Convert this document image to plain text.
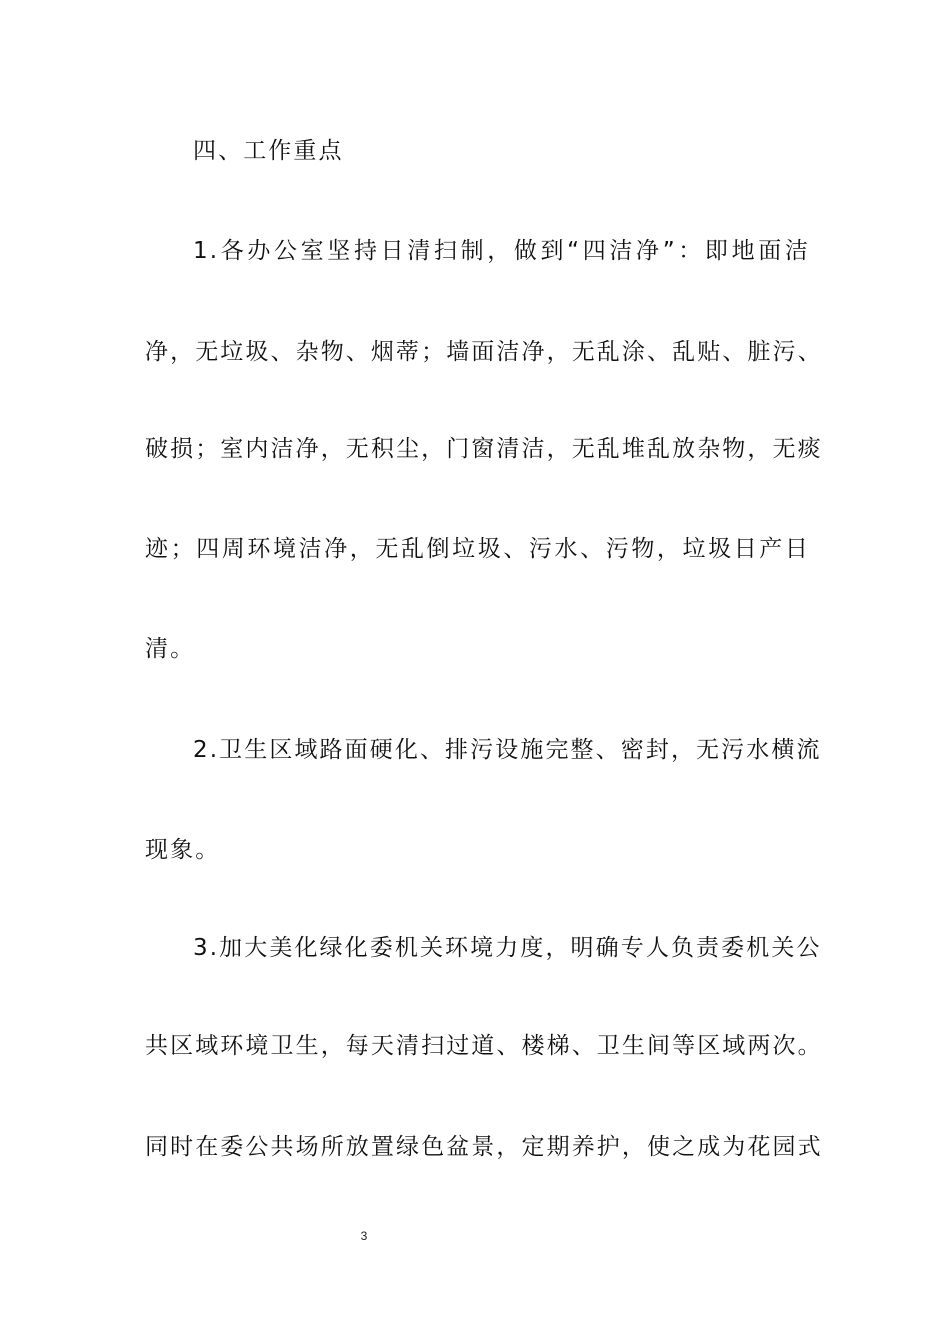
四、工作重点
1.各办公室坚持日清扫制，做到“四洁净”：即地面洁
净，无垃圾、杂物、烟蒂；墙面洁净，无乱涂、乱贴、脏污、
破损；室内洁净，无积尘，门窗清洁，无乱堆乱放杂物，无痰
迹；四周环境洁净，无乱倒垃圾、污水、污物，垃圾日产日
清。
2.卫生区域路面硬化、排污设施完整、密封，无污水横流
现象。
3.加大美化绿化委机关环境力度，明确专人负责委机关公
共区域环境卫生，每天清扫过道、楼梯、卫生间等区域两次。
同时在委公共场所放置绿色盆景，定期养护，使之成为花园式
3
